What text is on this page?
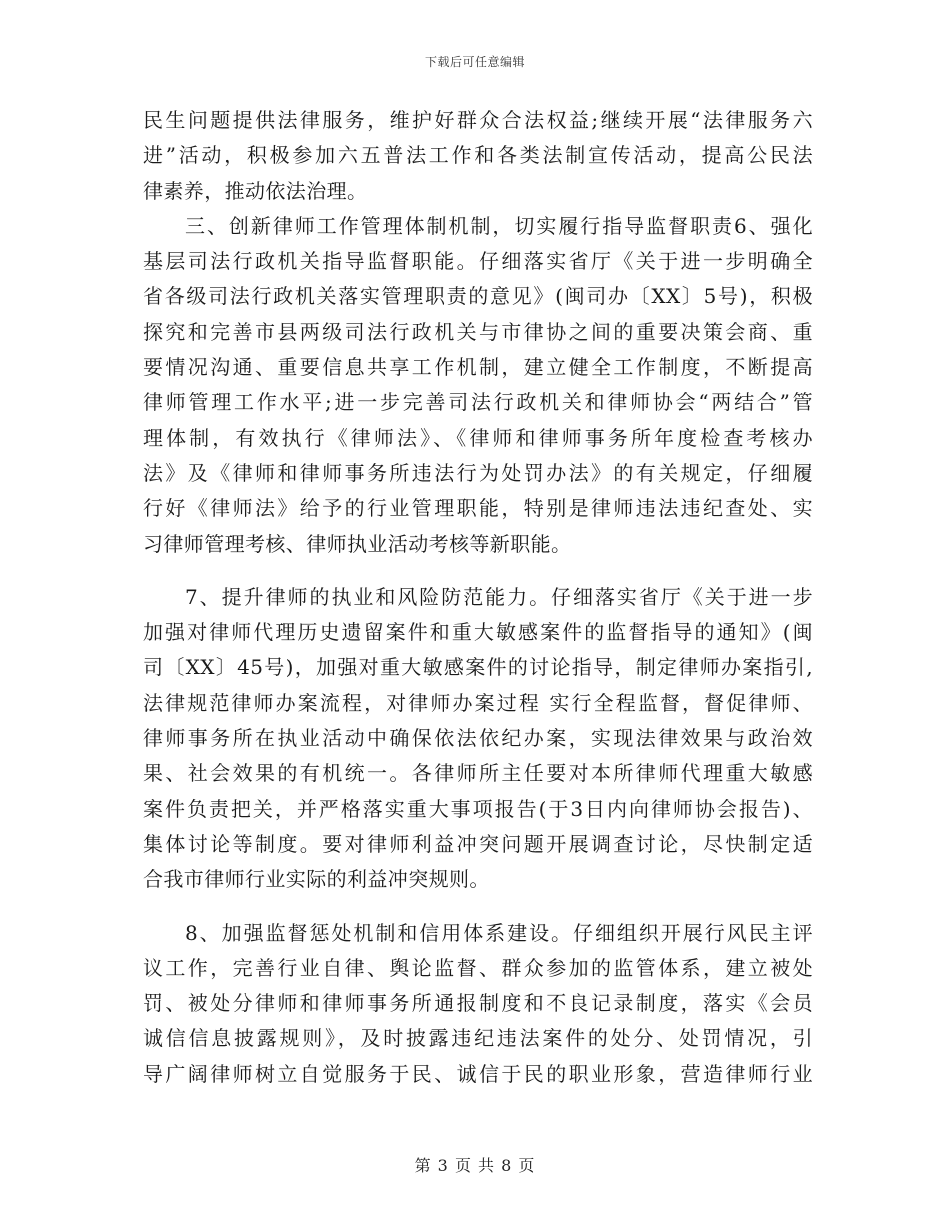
下载后可任意编辑
民生问题提供法律服务，维护好群众合法权益;继续开展“法律服务六
进”活动，积极参加六五普法工作和各类法制宣传活动，提高公民法
律素养，推动依法治理。
三、创新律师工作管理体制机制，切实履行指导监督职责6、强化
基层司法行政机关指导监督职能。仔细落实省厅《关于进一步明确全
省各级司法行政机关落实管理职责的意见》(闽司办〔XX〕5号)，积极
探究和完善市县两级司法行政机关与市律协之间的重要决策会商、重
要情况沟通、重要信息共享工作机制，建立健全工作制度，不断提高
律师管理工作水平;进一步完善司法行政机关和律师协会“两结合”管
理体制，有效执行《律师法》、《律师和律师事务所年度检查考核办
法》及《律师和律师事务所违法行为处罚办法》的有关规定，仔细履
行好《律师法》给予的行业管理职能，特别是律师违法违纪查处、实
习律师管理考核、律师执业活动考核等新职能。
7、提升律师的执业和风险防范能力。仔细落实省厅《关于进一步
加强对律师代理历史遗留案件和重大敏感案件的监督指导的通知》(闽
司〔XX〕45号)，加强对重大敏感案件的讨论指导，制定律师办案指引,
法律规范律师办案流程，对律师办案过程 实行全程监督，督促律师、
律师事务所在执业活动中确保依法依纪办案，实现法律效果与政治效
果、社会效果的有机统一。各律师所主任要对本所律师代理重大敏感
案件负责把关，并严格落实重大事项报告(于3日内向律师协会报告)、
集体讨论等制度。要对律师利益冲突问题开展调查讨论，尽快制定适
合我市律师行业实际的利益冲突规则。
8、加强监督惩处机制和信用体系建设。仔细组织开展行风民主评
议工作，完善行业自律、舆论监督、群众参加的监管体系，建立被处
罚、被处分律师和律师事务所通报制度和不良记录制度，落实《会员
诚信信息披露规则》，及时披露违纪违法案件的处分、处罚情况，引
导广阔律师树立自觉服务于民、诚信于民的职业形象，营造律师行业
第 3 页 共 8 页
